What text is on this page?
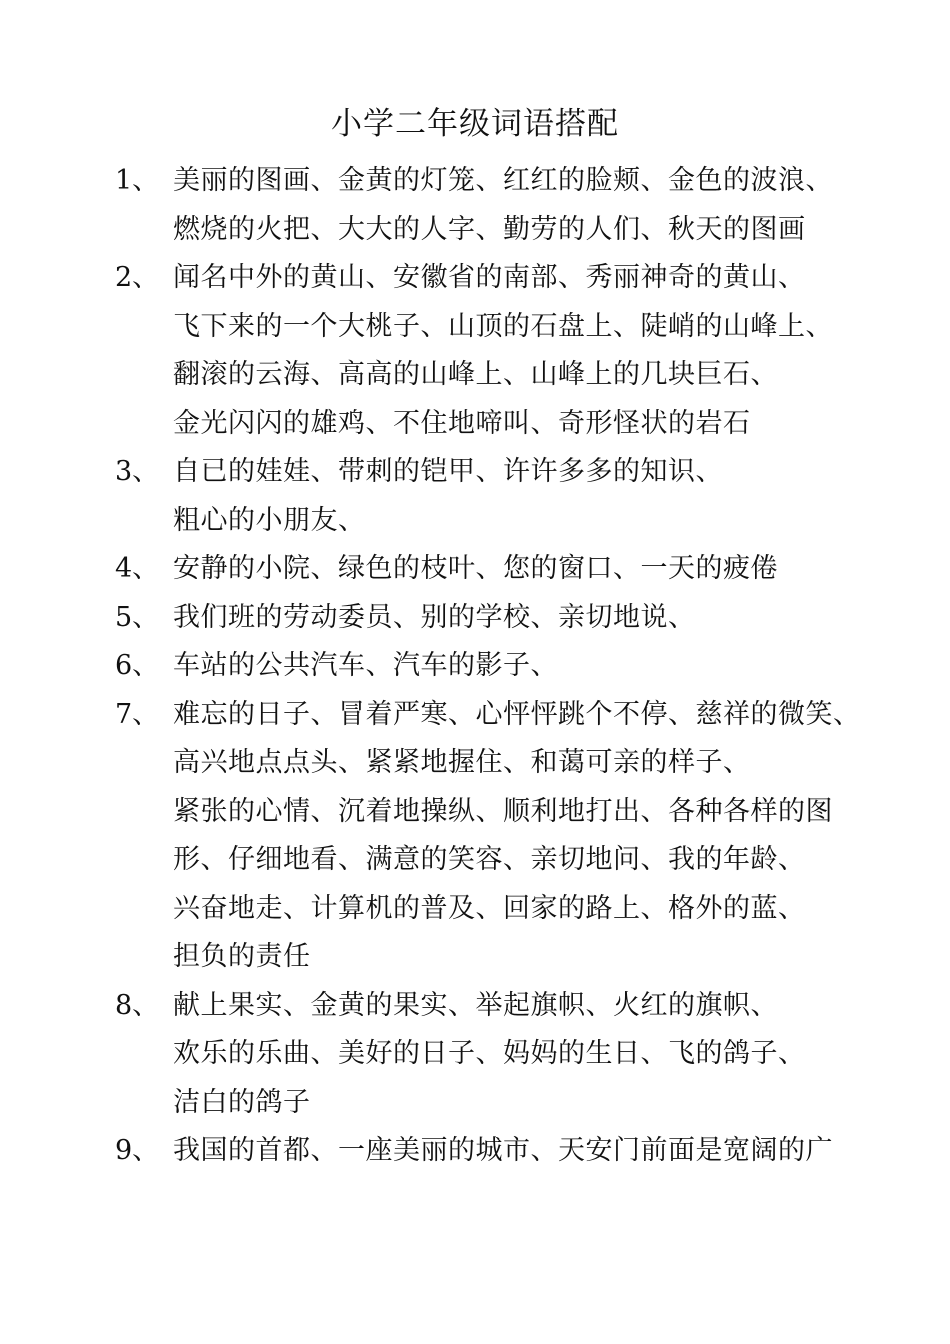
小学二年级词语搭配
1、 美丽的图画、金黄的灯笼、红红的脸颊、金色的波浪、
燃烧的火把、大大的人字、勤劳的人们、秋天的图画
2、 闻名中外的黄山、安徽省的南部、秀丽神奇的黄山、
飞下来的一个大桃子、山顶的石盘上、陡峭的山峰上、
翻滚的云海、高高的山峰上、山峰上的几块巨石、
金光闪闪的雄鸡、不住地啼叫、奇形怪状的岩石
3、 自已的娃娃、带刺的铠甲、许许多多的知识、
粗心的小朋友、
4、 安静的小院、绿色的枝叶、您的窗口、一天的疲倦
5、 我们班的劳动委员、别的学校、亲切地说、
6、 车站的公共汽车、汽车的影子、
7、 难忘的日子、冒着严寒、心怦怦跳个不停、慈祥的微笑、
高兴地点点头、紧紧地握住、和蔼可亲的样子、
紧张的心情、沉着地操纵、顺利地打出、各种各样的图
形、仔细地看、满意的笑容、亲切地问、我的年龄、
兴奋地走、计算机的普及、回家的路上、格外的蓝、
担负的责任
8、 献上果实、金黄的果实、举起旗帜、火红的旗帜、
欢乐的乐曲、美好的日子、妈妈的生日、飞的鸽子、
洁白的鸽子
9、 我国的首都、一座美丽的城市、天安门前面是宽阔的广
